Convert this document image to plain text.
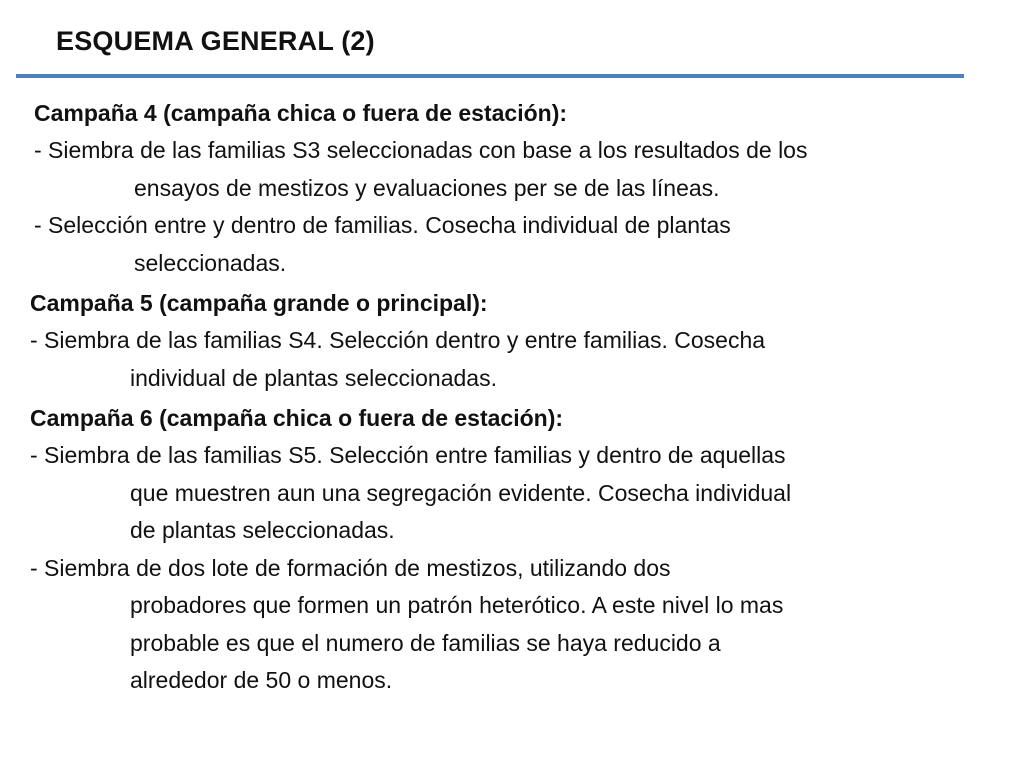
ESQUEMA GENERAL (2)
Campaña 4 (campaña chica o fuera de estación):
- Siembra de las familias S3 seleccionadas con base a los resultados de los
ensayos de mestizos y evaluaciones per se de las líneas.
- Selección entre y dentro de familias. Cosecha individual de plantas
seleccionadas.
Campaña 5 (campaña grande o principal):
- Siembra de las familias S4. Selección dentro y entre familias. Cosecha
individual de plantas seleccionadas.
Campaña 6 (campaña chica o fuera de estación):
- Siembra de las familias S5. Selección entre familias y dentro de aquellas
que muestren aun una segregación evidente. Cosecha individual
de plantas seleccionadas.
- Siembra de dos lote de formación de mestizos, utilizando dos
probadores que formen un patrón heterótico. A este nivel lo mas
probable es que el numero de familias se haya reducido a
alrededor de 50 o menos.
